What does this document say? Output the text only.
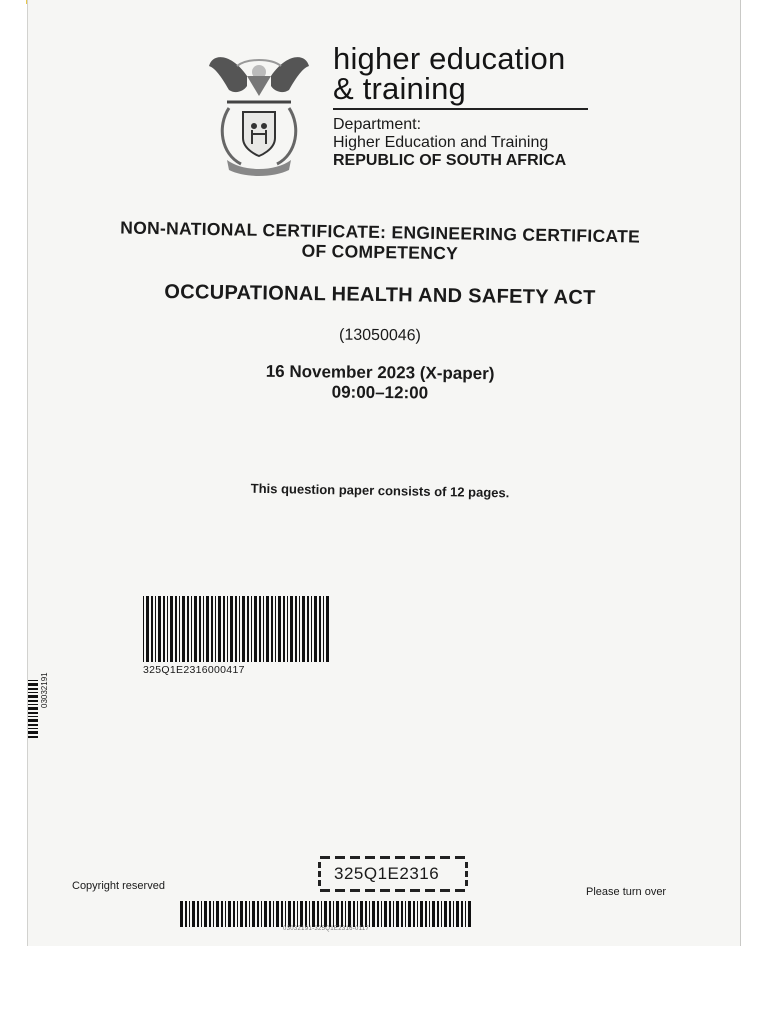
higher education
& training
Department:
Higher Education and Training
REPUBLIC OF SOUTH AFRICA
NON-NATIONAL CERTIFICATE: ENGINEERING CERTIFICATE
OF COMPETENCY
OCCUPATIONAL HEALTH AND SAFETY ACT
(13050046)
16 November 2023 (X-paper)
09:00–12:00
This question paper consists of 12 pages.
325Q1E2316000417
03032191
Copyright reserved
325Q1E2316
Please turn over
03032191-325Q1E2316-0117
